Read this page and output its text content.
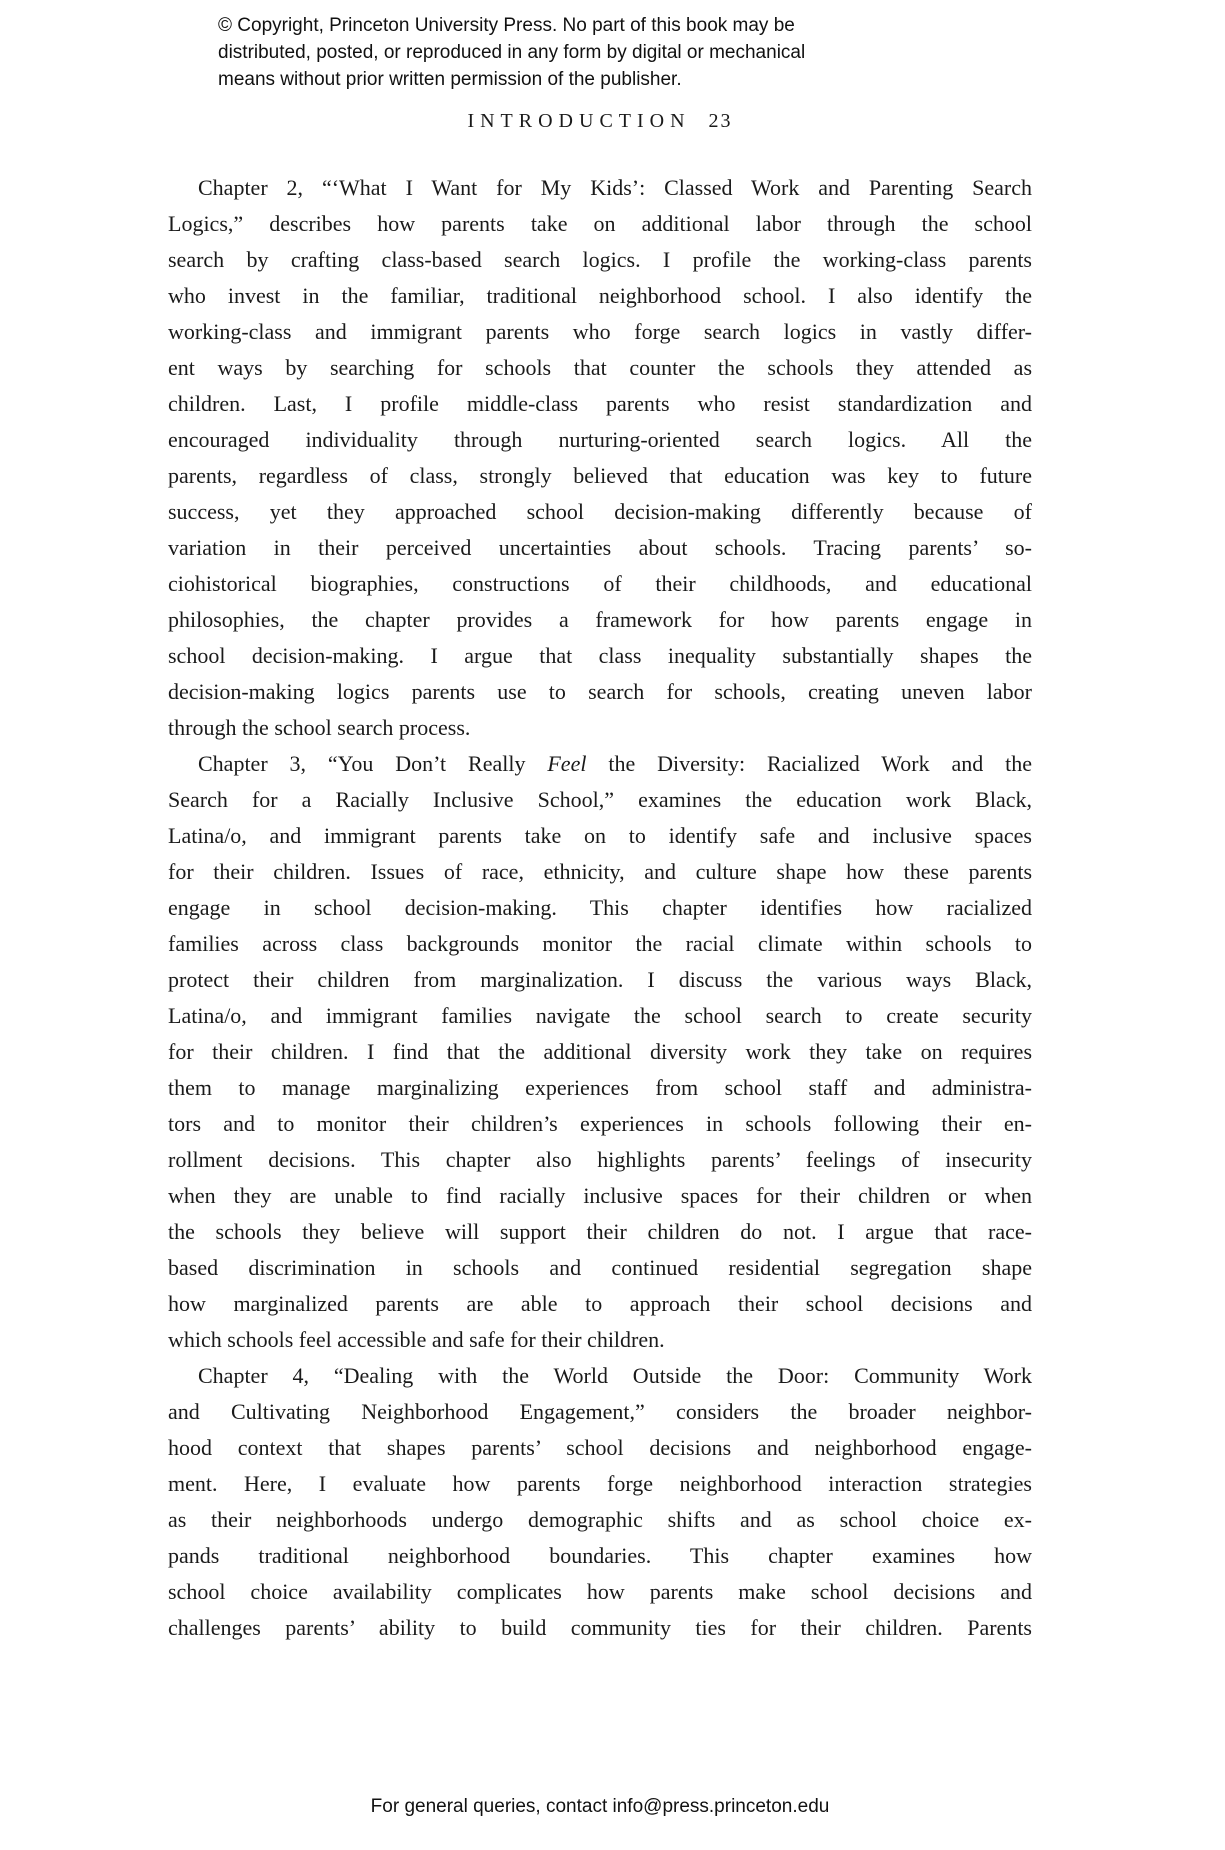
© Copyright, Princeton University Press. No part of this book may be
distributed, posted, or reproduced in any form by digital or mechanical
means without prior written permission of the publisher.
INTRODUCTION 23
Chapter 2, “‘What I Want for My Kids’: Classed Work and Parenting Search
Logics,” describes how parents take on additional labor through the school
search by crafting class-based search logics. I profile the working-class parents
who invest in the familiar, traditional neighborhood school. I also identify the
working-class and immigrant parents who forge search logics in vastly differ-
ent ways by searching for schools that counter the schools they attended as
children. Last, I profile middle-class parents who resist standardization and
encouraged individuality through nurturing-oriented search logics. All the
parents, regardless of class, strongly believed that education was key to future
success, yet they approached school decision-making differently because of
variation in their perceived uncertainties about schools. Tracing parents’ so-
ciohistorical biographies, constructions of their childhoods, and educational
philosophies, the chapter provides a framework for how parents engage in
school decision-making. I argue that class inequality substantially shapes the
decision-making logics parents use to search for schools, creating uneven labor
through the school search process.
Chapter 3, “You Don’t Really Feel the Diversity: Racialized Work and the
Search for a Racially Inclusive School,” examines the education work Black,
Latina/o, and immigrant parents take on to identify safe and inclusive spaces
for their children. Issues of race, ethnicity, and culture shape how these parents
engage in school decision-making. This chapter identifies how racialized
families across class backgrounds monitor the racial climate within schools to
protect their children from marginalization. I discuss the various ways Black,
Latina/o, and immigrant families navigate the school search to create security
for their children. I find that the additional diversity work they take on requires
them to manage marginalizing experiences from school staff and administra-
tors and to monitor their children’s experiences in schools following their en-
rollment decisions. This chapter also highlights parents’ feelings of insecurity
when they are unable to find racially inclusive spaces for their children or when
the schools they believe will support their children do not. I argue that race-
based discrimination in schools and continued residential segregation shape
how marginalized parents are able to approach their school decisions and
which schools feel accessible and safe for their children.
Chapter 4, “Dealing with the World Outside the Door: Community Work
and Cultivating Neighborhood Engagement,” considers the broader neighbor-
hood context that shapes parents’ school decisions and neighborhood engage-
ment. Here, I evaluate how parents forge neighborhood interaction strategies
as their neighborhoods undergo demographic shifts and as school choice ex-
pands traditional neighborhood boundaries. This chapter examines how
school choice availability complicates how parents make school decisions and
challenges parents’ ability to build community ties for their children. Parents
For general queries, contact info@press.princeton.edu
